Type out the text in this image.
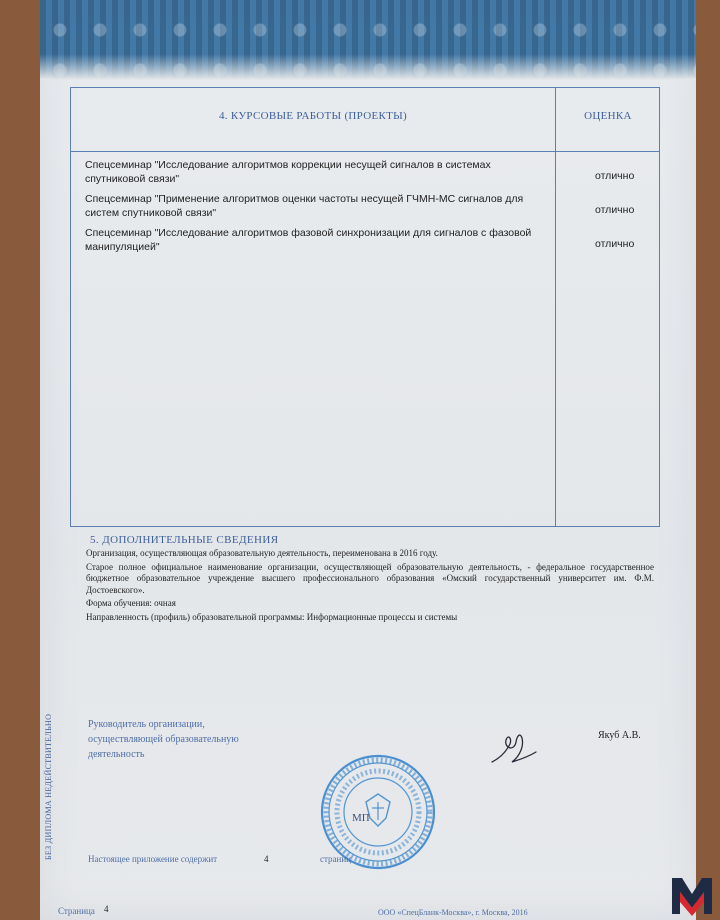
4. КУРСОВЫЕ РАБОТЫ (ПРОЕКТЫ)	ОЦЕНКА
Спецсеминар "Исследование алгоритмов коррекции несущей сигналов в системах спутниковой связи"	отлично
Спецсеминар "Применение алгоритмов оценки частоты несущей ГЧМН-МС сигналов для систем спутниковой связи"	отлично
Спецсеминар "Исследование алгоритмов фазовой синхронизации для сигналов с фазовой манипуляцией"	отлично
5. ДОПОЛНИТЕЛЬНЫЕ СВЕДЕНИЯ

Организация, осуществляющая образовательную деятельность, переименована в 2016 году.

Старое полное официальное наименование организации, осуществляющей образовательную деятельность, - федеральное государственное бюджетное образовательное учреждение высшего профессионального образования «Омский государственный университет им. Ф.М. Достоевского».

Форма обучения: очная

Направленность (профиль) образовательной программы: Информационные процессы и системы

БЕЗ ДИПЛОМА НЕДЕЙСТВИТЕЛЬНО	Руководитель организации, осуществляющей образовательную деятельность
Якуб А.В.
МП
Настоящее приложение содержит	4	страниц
Страница 4	ООО «СпецБланк-Москва», г. Москва, 2016
